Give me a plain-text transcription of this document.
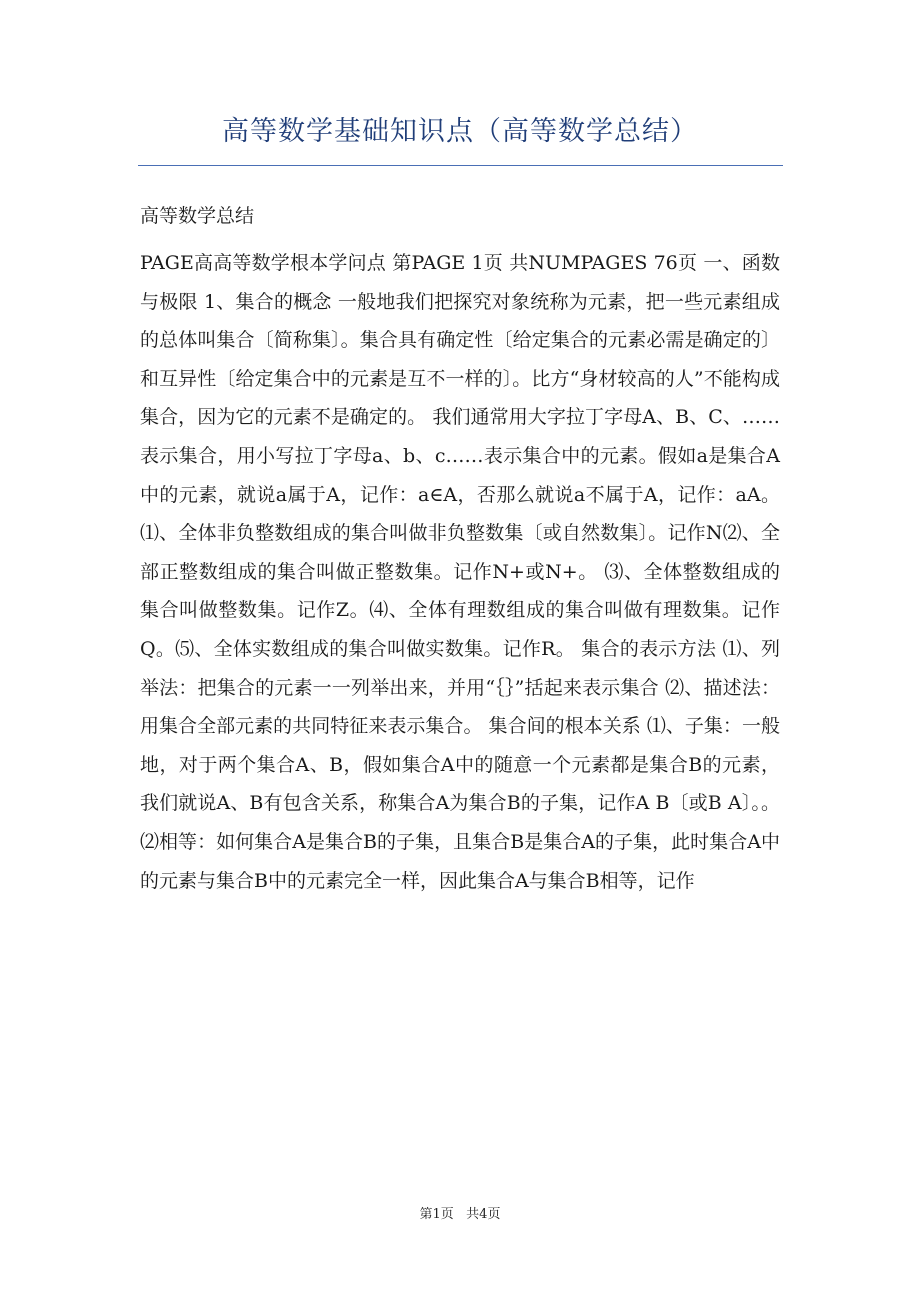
高等数学基础知识点（高等数学总结）
高等数学总结
PAGE高高等数学根本学问点 第PAGE 1页 共NUMPAGES 76页 一、函数与极限 1、集合的概念 一般地我们把探究对象统称为元素，把一些元素组成的总体叫集合〔简称集〕。集合具有确定性〔给定集合的元素必需是确定的〕和互异性〔给定集合中的元素是互不一样的〕。比方“身材较高的人”不能构成集合，因为它的元素不是确定的。 我们通常用大字拉丁字母A、B、C、……表示集合，用小写拉丁字母a、b、c……表示集合中的元素。假如a是集合A中的元素，就说a属于A，记作：a∈A，否那么就说a不属于A，记作：aA。 ⑴、全体非负整数组成的集合叫做非负整数集〔或自然数集〕。记作N⑵、全部正整数组成的集合叫做正整数集。记作N+或N+。 ⑶、全体整数组成的集合叫做整数集。记作Z。⑷、全体有理数组成的集合叫做有理数集。记作Q。⑸、全体实数组成的集合叫做实数集。记作R。 集合的表示方法 ⑴、列举法：把集合的元素一一列举出来，并用“｛｝”括起来表示集合 ⑵、描述法：用集合全部元素的共同特征来表示集合。 集合间的根本关系 ⑴、子集：一般地，对于两个集合A、B，假如集合A中的随意一个元素都是集合B的元素，我们就说A、B有包含关系，称集合A为集合B的子集，记作A B〔或B A〕。。 ⑵相等：如何集合A是集合B的子集，且集合B是集合A的子集，此时集合A中的元素与集合B中的元素完全一样，因此集合A与集合B相等，记作
第1页   共4页
